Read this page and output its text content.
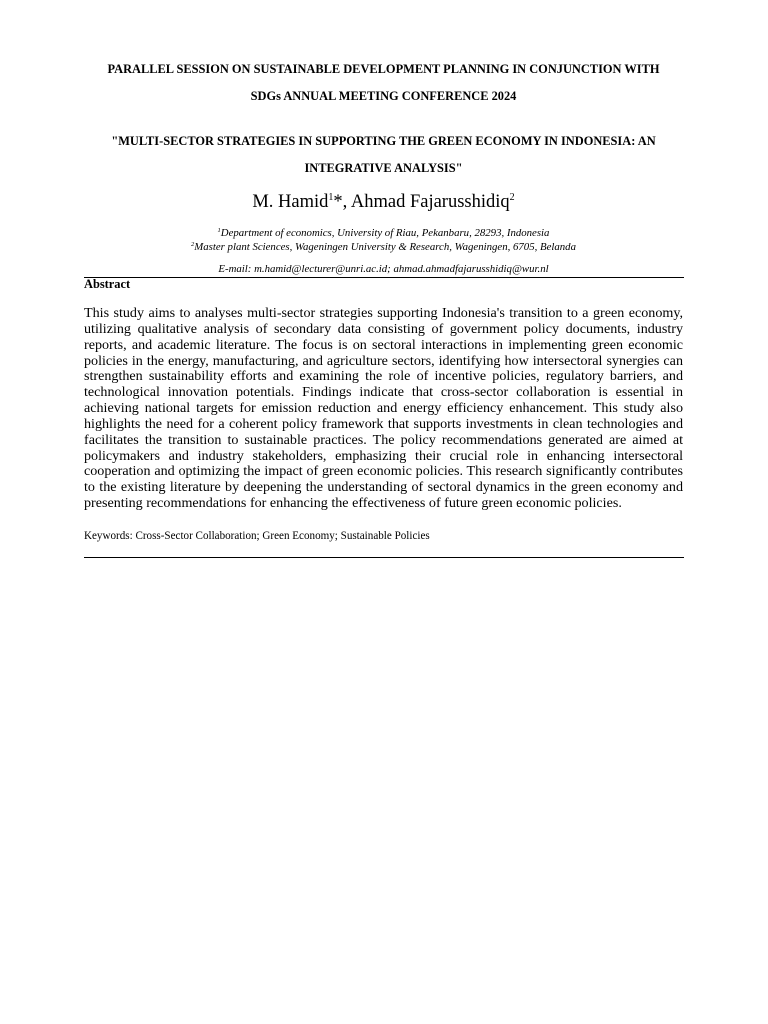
PARALLEL SESSION ON SUSTAINABLE DEVELOPMENT PLANNING IN CONJUNCTION WITH
SDGs ANNUAL MEETING CONFERENCE 2024
"MULTI-SECTOR STRATEGIES IN SUPPORTING THE GREEN ECONOMY IN INDONESIA: AN
INTEGRATIVE ANALYSIS"
M. Hamid$^1$*, Ahmad Fajarusshidiq$^2$
$^1$Department of economics, University of Riau, Pekanbaru, 28293, Indonesia
$^2$Master plant Sciences, Wageningen University & Research, Wageningen, 6705, Belanda
E-mail: m.hamid@lecturer@unri.ac.id; ahmad.ahmadfajarusshidiq@wur.nl
Abstract
This study aims to analyses multi-sector strategies supporting Indonesia's transition to a green economy, utilizing qualitative analysis of secondary data consisting of government policy documents, industry reports, and academic literature. The focus is on sectoral interactions in implementing green economic policies in the energy, manufacturing, and agriculture sectors, identifying how intersectoral synergies can strengthen sustainability efforts and examining the role of incentive policies, regulatory barriers, and technological innovation potentials. Findings indicate that cross-sector collaboration is essential in achieving national targets for emission reduction and energy efficiency enhancement. This study also highlights the need for a coherent policy framework that supports investments in clean technologies and facilitates the transition to sustainable practices. The policy recommendations generated are aimed at policymakers and industry stakeholders, emphasizing their crucial role in enhancing intersectoral cooperation and optimizing the impact of green economic policies. This research significantly contributes to the existing literature by deepening the understanding of sectoral dynamics in the green economy and presenting recommendations for enhancing the effectiveness of future green economic policies.
Keywords: Cross-Sector Collaboration; Green Economy; Sustainable Policies
